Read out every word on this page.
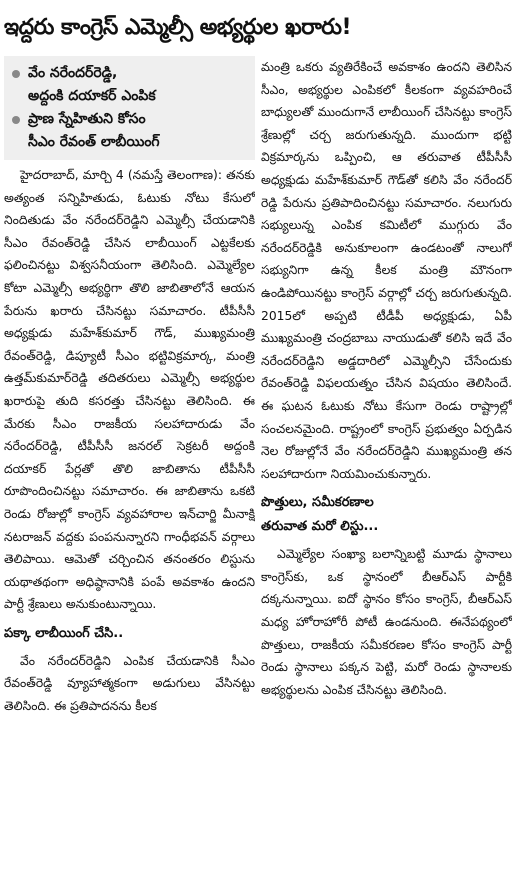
ఇద్దరు కాంగ్రెస్ ఎమ్మెల్సీ అభ్యర్థుల ఖరారు!
వేం నరేందర్‌రెడ్డి,
అద్దంకి దయాకర్ ఎంపిక
ప్రాణ స్నేహితుని కోసం
సీఎం రేవంత్ లాబీయింగ్

హైదరాబాద్, మార్చి 4 (నమస్తే తెలంగాణ): తనకు అత్యంత సన్నిహితుడు, ఓటుకు నోటు కేసులో నిందితుడు వేం నరేందర్‌రెడ్డిని ఎమ్మెల్సీ చేయడానికి సీఎం రేవంత్‌రెడ్డి చేసిన లాబీయింగ్ ఎట్టకేలకు ఫలించినట్టు విశ్వసనీయంగా తెలిసింది. ఎమ్మెల్యేల కోటా ఎమ్మెల్సీ అభ్యర్థిగా తొలి జాబితాలోనే ఆయన పేరును ఖరారు చేసినట్టు సమాచారం. టీపీసీసీ అధ్యక్షుడు మహేశ్‌కుమార్ గౌడ్, ముఖ్యమంత్రి రేవంత్‌రెడ్డి, డిప్యూటీ సీఎం భట్టివిక్రమార్క, మంత్రి ఉత్తమ్‌కుమార్‌రెడ్డి తదితరులు ఎమ్మెల్సీ అభ్యర్థుల ఖరారుపై తుది కసరత్తు చేసినట్టు తెలిసింది. ఈ మేరకు సీఎం రాజకీయ సలహాదారుడు వేం నరేందర్‌రెడ్డి, టీపీసీసీ జనరల్ సెక్రటరీ అద్దంకి దయాకర్ పేర్లతో తొలి జాబితాను టీపీసీసీ రూపొందించినట్టు సమాచారం. ఈ జాబితాను ఒకటి రెండు రోజుల్లో కాంగ్రెస్ వ్యవహారాల ఇన్‌చార్జి మీనాక్షి నటరాజన్ వద్దకు పంపనున్నారని గాంధీభవన్ వర్గాలు తెలిపాయి. ఆమెతో చర్చించిన తనంతరం లిస్టును యథాతథంగా అధిష్ఠానానికి పంపే అవకాశం ఉందని పార్టీ శ్రేణులు అనుకుంటున్నాయి.

పక్కా లాబీయింగ్ చేసి..

వేం నరేందర్‌రెడ్డిని ఎంపిక చేయడానికి సీఎం రేవంత్‌రెడ్డి వ్యూహాత్మకంగా అడుగులు వేసినట్టు తెలిసింది. ఈ ప్రతిపాదనను కీలక

మంత్రి ఒకరు వ్యతిరేకించే అవకాశం ఉందని తెలిసిన సీఎం, అభ్యర్థుల ఎంపికలో కీలకంగా వ్యవహరించే బాధ్యులతో ముందుగానే లాబీయింగ్ చేసినట్టు కాంగ్రెస్ శ్రేణుల్లో చర్చ జరుగుతున్నది. ముందుగా భట్టి విక్రమార్కను ఒప్పించి, ఆ తరువాత టీపీసీసీ అధ్యక్షుడు మహేశ్‌కుమార్ గౌడ్‌తో కలిసి వేం నరేందర్ రెడ్డి పేరును ప్రతిపాదించినట్టు సమాచారం. నలుగురు సభ్యులున్న ఎంపిక కమిటీలో ముగ్గురు వేం నరేందర్‌రెడ్డికి అనుకూలంగా ఉండటంతో నాలుగో సభ్యునిగా ఉన్న కీలక మంత్రి మౌనంగా ఉండిపోయినట్టు కాంగ్రెస్ వర్గాల్లో చర్చ జరుగుతున్నది. 2015లో అప్పటి టీడీపీ అధ్యక్షుడు, ఏపీ ముఖ్యమంత్రి చంద్రబాబు నాయుడుతో కలిసి ఇదే వేం నరేందర్‌రెడ్డిని అడ్డదారిలో ఎమ్మెల్సీని చేసేందుకు రేవంత్‌రెడ్డి విఫలయత్నం చేసిన విషయం తెలిసిందే. ఈ ఘటన ఓటుకు నోటు కేసుగా రెండు రాష్ట్రాల్లో సంచలనమైంది. రాష్ట్రంలో కాంగ్రెస్ ప్రభుత్వం ఏర్పడిన నెల రోజుల్లోనే వేం నరేందర్‌రెడ్డిని ముఖ్యమంత్రి తన సలహాదారుగా నియమించుకున్నారు.

పొత్తులు, సమీకరణాల
తరువాత మరో లిస్టు...

ఎమ్మెల్యేల సంఖ్యా బలాన్నిబట్టి మూడు స్థానాలు కాంగ్రెస్‌కు, ఒక స్థానంలో బీఆర్ఎస్ పార్టీకి దక్కనున్నాయి. ఐదో స్థానం కోసం కాంగ్రెస్, బీఆర్ఎస్ మధ్య హోరాహోరీ పోటీ ఉండనుంది. ఈనేపథ్యంలో పొత్తులు, రాజకీయ సమీకరణల కోసం కాంగ్రెస్ పార్టీ రెండు స్థానాలు పక్కన పెట్టి, మరో రెండు స్థానాలకు అభ్యర్థులను ఎంపిక చేసినట్టు తెలిసింది.
